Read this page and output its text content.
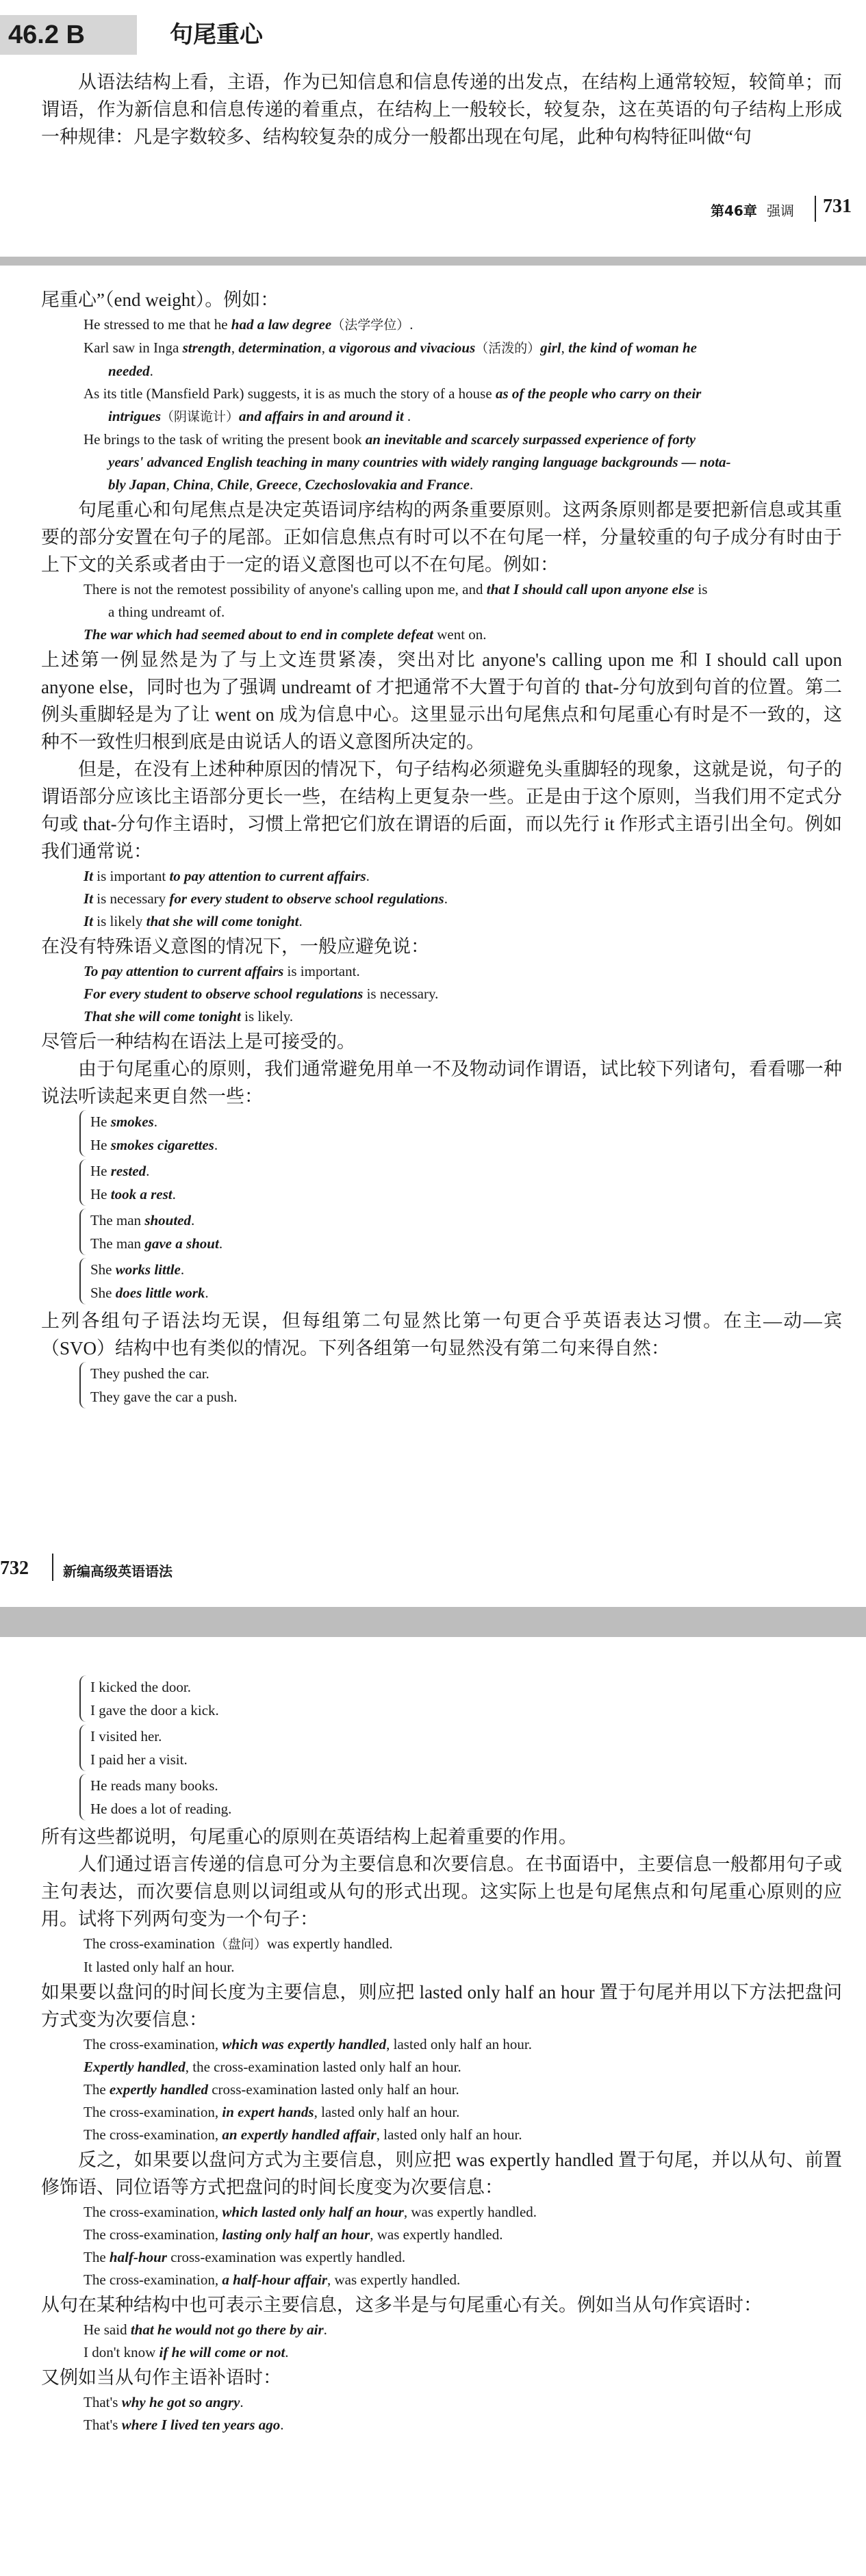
46.2 B	句尾重心

从语法结构上看，主语，作为已知信息和信息传递的出发点，在结构上通常较短，较简单；而谓语，作为新信息和信息传递的着重点，在结构上一般较长，较复杂，这在英语的句子结构上形成一种规律：凡是字数较多、结构较复杂的成分一般都出现在句尾，此种句构特征叫做“句

第46章 强调 731

尾重心”（end weight）。例如：

He stressed to me that he had a law degree（法学学位）.

Karl saw in Inga strength, determination, a vigorous and vivacious（活泼的）girl, the kind of woman he

needed.

As its title (Mansfield Park) suggests, it is as much the story of a house as of the people who carry on their

intrigues（阴谋诡计）and affairs in and around it .

He brings to the task of writing the present book an inevitable and scarcely surpassed experience of forty

years' advanced English teaching in many countries with widely ranging language backgrounds — nota-

bly Japan, China, Chile, Greece, Czechoslovakia and France.

句尾重心和句尾焦点是决定英语词序结构的两条重要原则。这两条原则都是要把新信息或其重要的部分安置在句子的尾部。正如信息焦点有时可以不在句尾一样，分量较重的句子成分有时由于上下文的关系或者由于一定的语义意图也可以不在句尾。例如：

There is not the remotest possibility of anyone's calling upon me, and that I should call upon anyone else is

a thing undreamt of.

The war which had seemed about to end in complete defeat went on.

上述第一例显然是为了与上文连贯紧凑，突出对比 anyone's calling upon me 和 I should call upon anyone else，同时也为了强调 undreamt of 才把通常不大置于句首的 that-分句放到句首的位置。第二例头重脚轻是为了让 went on 成为信息中心。这里显示出句尾焦点和句尾重心有时是不一致的，这种不一致性归根到底是由说话人的语义意图所决定的。

但是，在没有上述种种原因的情况下，句子结构必须避免头重脚轻的现象，这就是说，句子的谓语部分应该比主语部分更长一些，在结构上更复杂一些。正是由于这个原则，当我们用不定式分句或 that-分句作主语时，习惯上常把它们放在谓语的后面，而以先行 it 作形式主语引出全句。例如我们通常说：

It is important to pay attention to current affairs.

It is necessary for every student to observe school regulations.

It is likely that she will come tonight.

在没有特殊语义意图的情况下，一般应避免说：

To pay attention to current affairs is important.

For every student to observe school regulations is necessary.

That she will come tonight is likely.

尽管后一种结构在语法上是可接受的。

由于句尾重心的原则，我们通常避免用单一不及物动词作谓语，试比较下列诸句，看看哪一种说法听读起来更自然一些：

He smokes.
He smokes cigarettes.
He rested.
He took a rest.
The man shouted.
The man gave a shout.
She works little.
She does little work.

上列各组句子语法均无误，但每组第二句显然比第一句更合乎英语表达习惯。在主—动—宾（SVO）结构中也有类似的情况。下列各组第一句显然没有第二句来得自然：

They pushed the car.
They gave the car a push.
732	新编高级英语语法
I kicked the door.
I gave the door a kick.
I visited her.
I paid her a visit.
He reads many books.
He does a lot of reading.

所有这些都说明，句尾重心的原则在英语结构上起着重要的作用。

人们通过语言传递的信息可分为主要信息和次要信息。在书面语中，主要信息一般都用句子或主句表达，而次要信息则以词组或从句的形式出现。这实际上也是句尾焦点和句尾重心原则的应用。试将下列两句变为一个句子：

The cross-examination（盘问）was expertly handled.

It lasted only half an hour.

如果要以盘问的时间长度为主要信息，则应把 lasted only half an hour 置于句尾并用以下方法把盘问方式变为次要信息：

The cross-examination, which was expertly handled, lasted only half an hour.

Expertly handled, the cross-examination lasted only half an hour.

The expertly handled cross-examination lasted only half an hour.

The cross-examination, in expert hands, lasted only half an hour.

The cross-examination, an expertly handled affair, lasted only half an hour.

反之，如果要以盘问方式为主要信息，则应把 was expertly handled 置于句尾，并以从句、前置修饰语、同位语等方式把盘问的时间长度变为次要信息：

The cross-examination, which lasted only half an hour, was expertly handled.

The cross-examination, lasting only half an hour, was expertly handled.

The half-hour cross-examination was expertly handled.

The cross-examination, a half-hour affair, was expertly handled.

从句在某种结构中也可表示主要信息，这多半是与句尾重心有关。例如当从句作宾语时：

He said that he would not go there by air.

I don't know if he will come or not.

又例如当从句作主语补语时：

That's why he got so angry.

That's where I lived ten years ago.
